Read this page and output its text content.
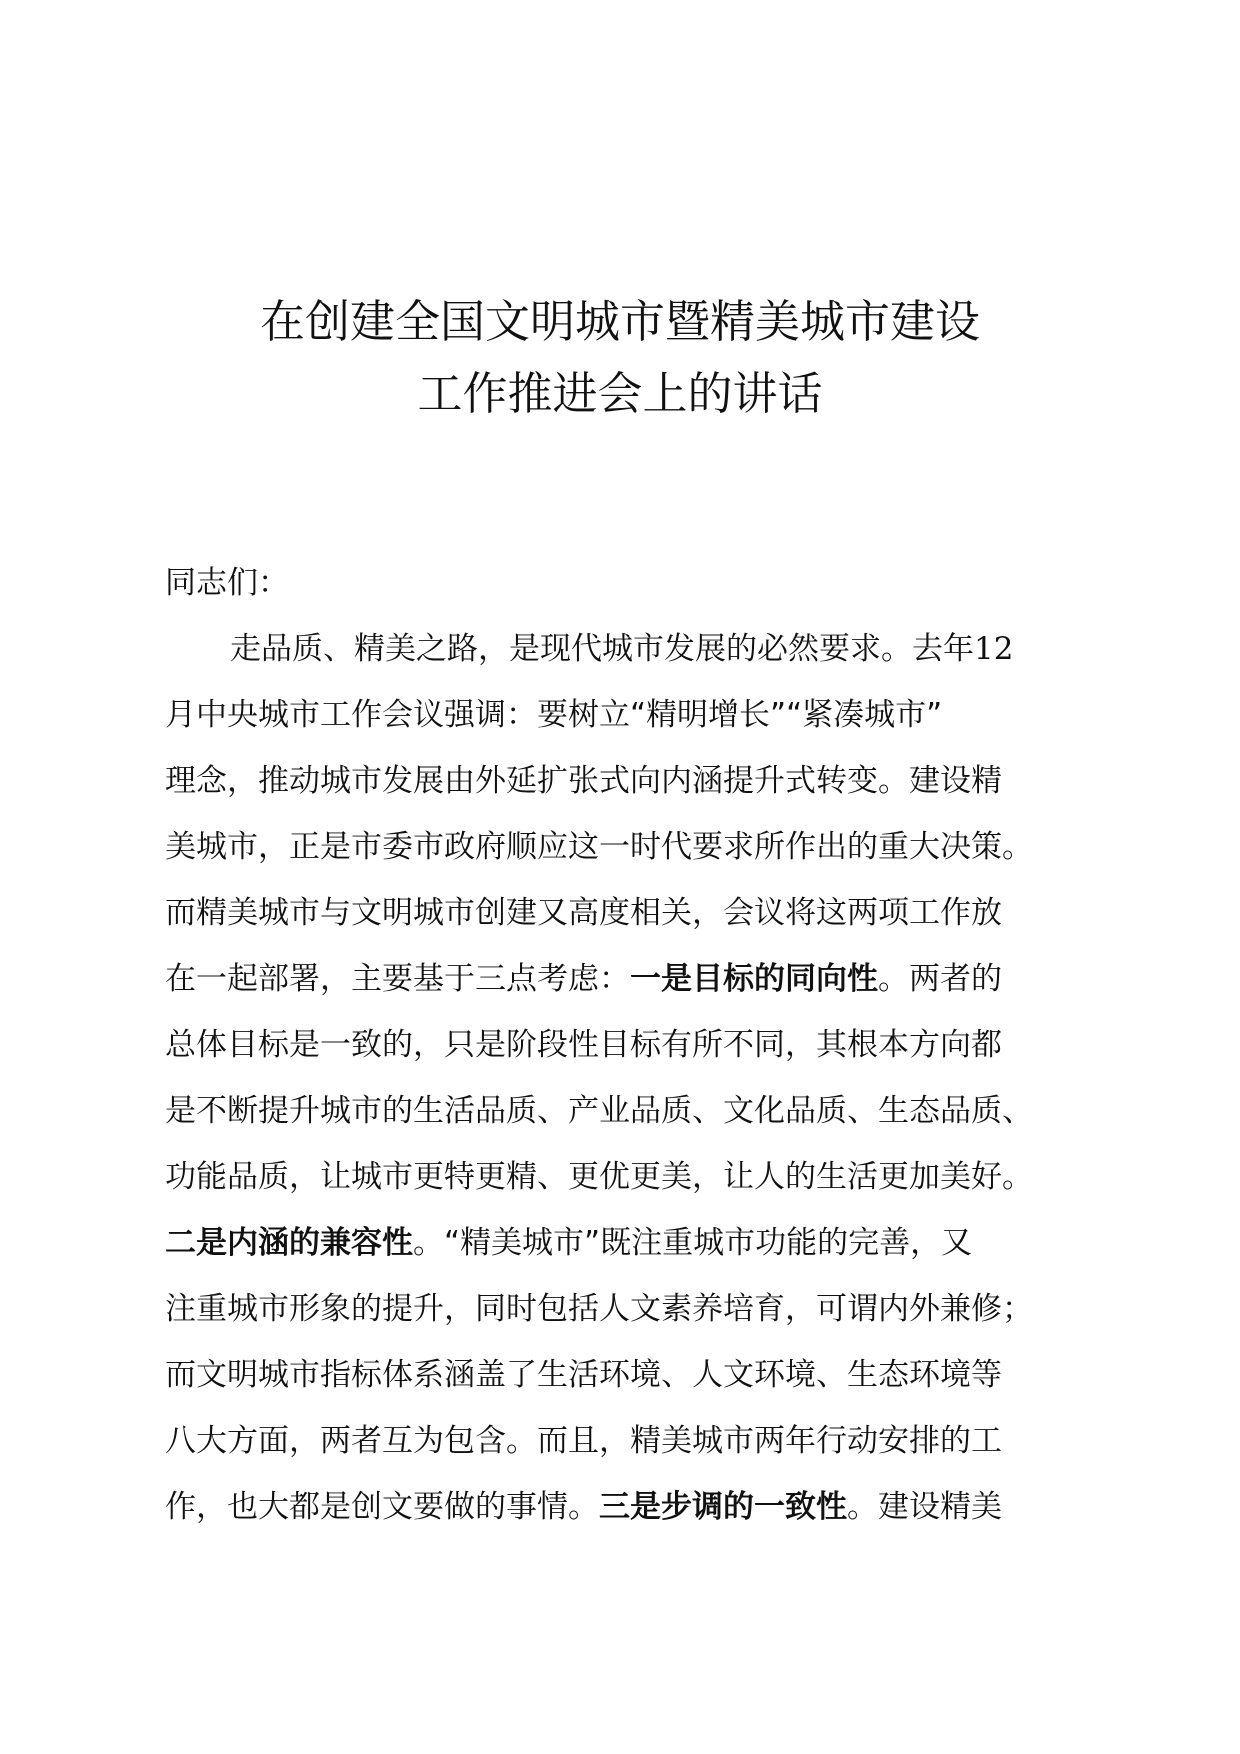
在创建全国文明城市暨精美城市建设
工作推进会上的讲话
同志们：
走品质、精美之路，是现代城市发展的必然要求。去年12
月中央城市工作会议强调：要树立“精明增长”“紧凑城市”
理念，推动城市发展由外延扩张式向内涵提升式转变。建设精
美城市，正是市委市政府顺应这一时代要求所作出的重大决策。
而精美城市与文明城市创建又高度相关，会议将这两项工作放
在一起部署，主要基于三点考虑：一是目标的同向性。两者的
总体目标是一致的，只是阶段性目标有所不同，其根本方向都
是不断提升城市的生活品质、产业品质、文化品质、生态品质、
功能品质，让城市更特更精、更优更美，让人的生活更加美好。
二是内涵的兼容性。“精美城市”既注重城市功能的完善，又
注重城市形象的提升，同时包括人文素养培育，可谓内外兼修；
而文明城市指标体系涵盖了生活环境、人文环境、生态环境等
八大方面，两者互为包含。而且，精美城市两年行动安排的工
作，也大都是创文要做的事情。三是步调的一致性。建设精美
